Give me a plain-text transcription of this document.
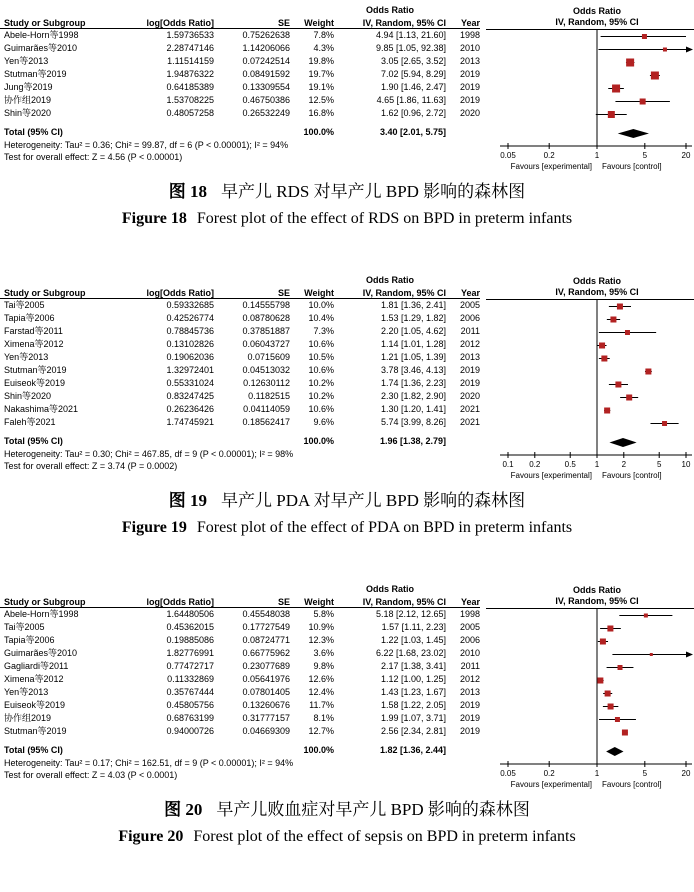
Odds Ratio
Study or Subgroup	log[Odds Ratio]	SE	Weight	IV, Random, 95% CI	Year
Abele-Horn等1998	1.59736533	0.75262638	7.8%	4.94 [1.13, 21.60]	1998
Guimarães等2010	2.28747146	1.14206066	4.3%	9.85 [1.05, 92.38]	2010
Yen等2013	1.11514159	0.07242514	19.8%	3.05 [2.65, 3.52]	2013
Stutman等2019	1.94876322	0.08491592	19.7%	7.02 [5.94, 8.29]	2019
Jung等2019	0.64185389	0.13309554	19.1%	1.90 [1.46, 2.47]	2019
协作组2019	1.53708225	0.46750386	12.5%	4.65 [1.86, 11.63]	2019
Shin等2020	0.48057258	0.26532249	16.8%	1.62 [0.96, 2.72]	2020
Total (95% CI)	100.0%	3.40 [2.01, 5.75]
Heterogeneity: Tau² = 0.36; Chi² = 99.87, df = 6 (P < 0.00001); I² = 94%
Test for overall effect: Z = 4.56 (P < 0.00001)
Odds Ratio
IV, Random, 95% CI
0.05	0.2	1	5	20
Favours [experimental] Favours [control]
图 18 早产儿 RDS 对早产儿 BPD 影响的森林图
Figure 18 Forest plot of the effect of RDS on BPD in preterm infants
Odds Ratio
Study or Subgroup	log[Odds Ratio]	SE	Weight	IV, Random, 95% CI	Year
Tai等2005	0.59332685	0.14555798	10.0%	1.81 [1.36, 2.41]	2005
Tapia等2006	0.42526774	0.08780628	10.4%	1.53 [1.29, 1.82]	2006
Farstad等2011	0.78845736	0.37851887	7.3%	2.20 [1.05, 4.62]	2011
Ximena等2012	0.13102826	0.06043727	10.6%	1.14 [1.01, 1.28]	2012
Yen等2013	0.19062036	0.0715609	10.5%	1.21 [1.05, 1.39]	2013
Stutman等2019	1.32972401	0.04513032	10.6%	3.78 [3.46, 4.13]	2019
Euiseok等2019	0.55331024	0.12630112	10.2%	1.74 [1.36, 2.23]	2019
Shin等2020	0.83247425	0.1182515	10.2%	2.30 [1.82, 2.90]	2020
Nakashima等2021	0.26236426	0.04114059	10.6%	1.30 [1.20, 1.41]	2021
Faleh等2021	1.74745921	0.18562417	9.6%	5.74 [3.99, 8.26]	2021
Total (95% CI)	100.0%	1.96 [1.38, 2.79]
Heterogeneity: Tau² = 0.30; Chi² = 467.85, df = 9 (P < 0.00001); I² = 98%
Test for overall effect: Z = 3.74 (P = 0.0002)
Odds Ratio
IV, Random, 95% CI
0.1 0.2	0.5 1	2	5	10
Favours [experimental] Favours [control]
图 19 早产儿 PDA 对早产儿 BPD 影响的森林图
Figure 19 Forest plot of the effect of PDA on BPD in preterm infants
Odds Ratio
Study or Subgroup	log[Odds Ratio]	SE	Weight	IV, Random, 95% CI	Year
Abele-Horn等1998	1.64480506	0.45548038	5.8%	5.18 [2.12, 12.65]	1998
Tai等2005	0.45362015	0.17727549	10.9%	1.57 [1.11, 2.23]	2005
Tapia等2006	0.19885086	0.08724771	12.3%	1.22 [1.03, 1.45]	2006
Guimarães等2010	1.82776991	0.66775962	3.6%	6.22 [1.68, 23.02]	2010
Gagliardi等2011	0.77472717	0.23077689	9.8%	2.17 [1.38, 3.41]	2011
Ximena等2012	0.11332869	0.05641976	12.6%	1.12 [1.00, 1.25]	2012
Yen等2013	0.35767444	0.07801405	12.4%	1.43 [1.23, 1.67]	2013
Euiseok等2019	0.45805756	0.13260676	11.7%	1.58 [1.22, 2.05]	2019
协作组2019	0.68763199	0.31777157	8.1%	1.99 [1.07, 3.71]	2019
Stutman等2019	0.94000726	0.04669309	12.7%	2.56 [2.34, 2.81]	2019
Total (95% CI)	100.0%	1.82 [1.36, 2.44]
Heterogeneity: Tau² = 0.17; Chi² = 162.51, df = 9 (P < 0.00001); I² = 94%
Test for overall effect: Z = 4.03 (P < 0.0001)
Odds Ratio
IV, Random, 95% CI
0.05	0.2	1	5	20
Favours [experimental] Favours [control]
图 20 早产儿败血症对早产儿 BPD 影响的森林图
Figure 20 Forest plot of the effect of sepsis on BPD in preterm infants
